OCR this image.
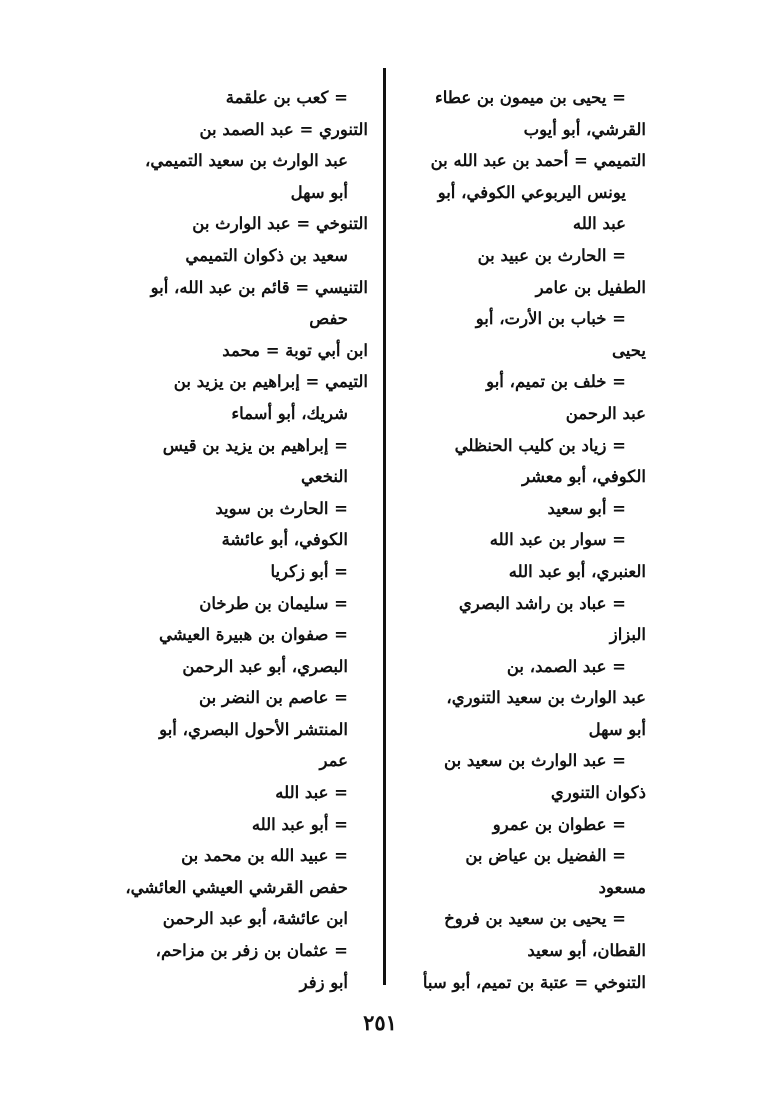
= يحيى بن ميمون بن عطاء
القرشي، أبو أيوب
التميمي = أحمد بن عبد الله بن
يونس اليربوعي الكوفي، أبو
عبد الله
= الحارث بن عبيد بن
الطفيل بن عامر
= خباب بن الأرت، أبو
يحيى
= خلف بن تميم، أبو
عبد الرحمن
= زياد بن كليب الحنظلي
الكوفي، أبو معشر
= أبو سعيد
= سوار بن عبد الله
العنبري، أبو عبد الله
= عباد بن راشد البصري
البزاز
= عبد الصمد، بن
عبد الوارث بن سعيد التنوري،
أبو سهل
= عبد الوارث بن سعيد بن
ذكوان التنوري
= عطوان بن عمرو
= الفضيل بن عياض بن
مسعود
= يحيى بن سعيد بن فروخ
القطان، أبو سعيد
التنوخي = عتبة بن تميم، أبو سبأ
= كعب بن علقمة
التنوري = عبد الصمد بن
عبد الوارث بن سعيد التميمي،
أبو سهل
التنوخي = عبد الوارث بن
سعيد بن ذكوان التميمي
التنيسي = قائم بن عبد الله، أبو
حفص
ابن أبي توبة = محمد
التيمي = إبراهيم بن يزيد بن
شريك، أبو أسماء
= إبراهيم بن يزيد بن قيس
النخعي
= الحارث بن سويد
الكوفي، أبو عائشة
= أبو زكريا
= سليمان بن طرخان
= صفوان بن هبيرة العيشي
البصري، أبو عبد الرحمن
= عاصم بن النضر بن
المنتشر الأحول البصري، أبو
عمر
= عبد الله
= أبو عبد الله
= عبيد الله بن محمد بن
حفص القرشي العيشي العائشي،
ابن عائشة، أبو عبد الرحمن
= عثمان بن زفر بن مزاحم،
أبو زفر
٢٥١
